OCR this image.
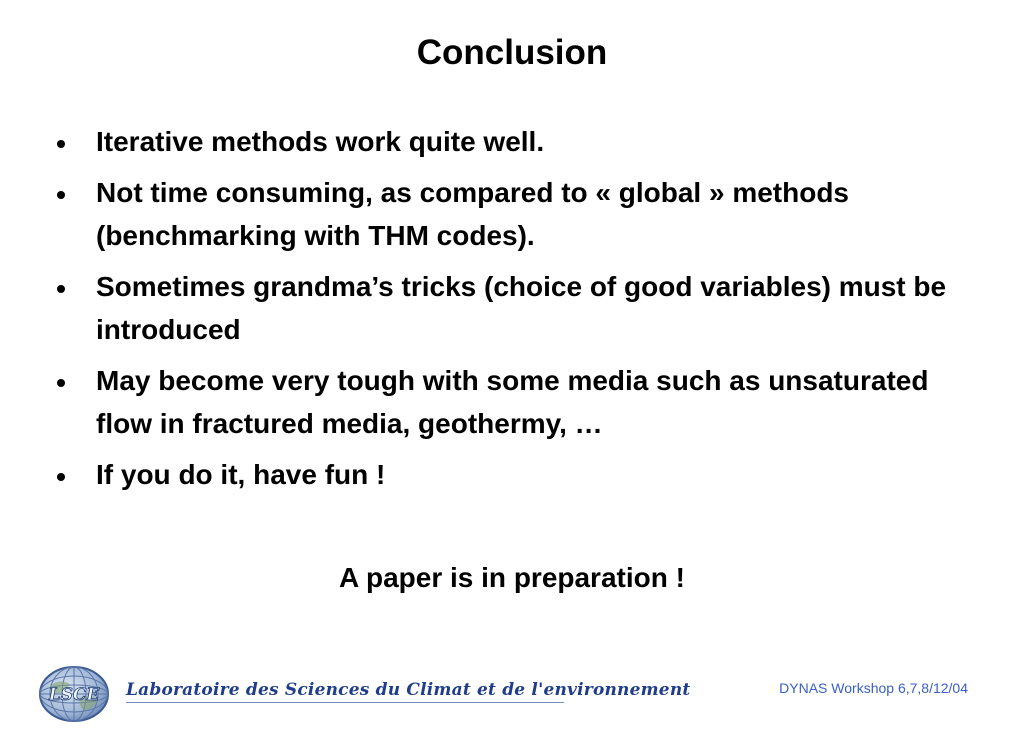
Conclusion
Iterative methods work quite well.
Not time consuming, as compared to « global » methods (benchmarking with THM codes).
Sometimes grandma’s tricks (choice of good variables) must be introduced
May become very tough with some media such as unsaturated flow in fractured media, geothermy, …
If you do it, have fun !
A paper is in preparation !
LSCE Laboratoire des Sciences du Climat et de l'environnement	DYNAS Workshop 6,7,8/12/04
